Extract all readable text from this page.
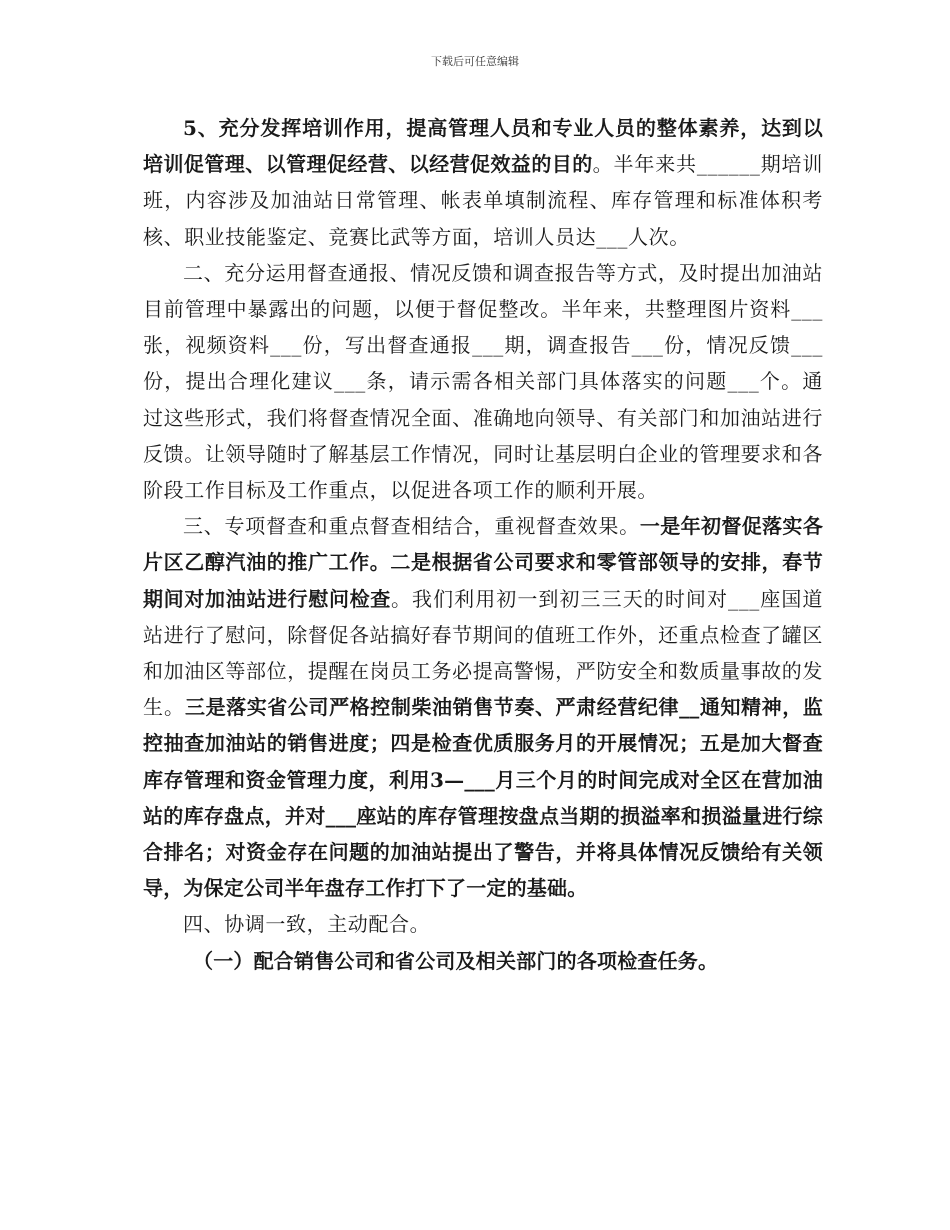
下载后可任意编辑

5、充分发挥培训作用，提高管理人员和专业人员的整体素养，达到以培训促管理、以管理促经营、以经营促效益的目的。半年来共______期培训班，内容涉及加油站日常管理、帐表单填制流程、库存管理和标准体积考核、职业技能鉴定、竞赛比武等方面，培训人员达___人次。

二、充分运用督查通报、情况反馈和调查报告等方式，及时提出加油站目前管理中暴露出的问题，以便于督促整改。半年来，共整理图片资料___张，视频资料___份，写出督查通报___期，调查报告___份，情况反馈___份，提出合理化建议___条，请示需各相关部门具体落实的问题___个。通过这些形式，我们将督查情况全面、准确地向领导、有关部门和加油站进行反馈。让领导随时了解基层工作情况，同时让基层明白企业的管理要求和各阶段工作目标及工作重点，以促进各项工作的顺利开展。

三、专项督查和重点督查相结合，重视督查效果。一是年初督促落实各片区乙醇汽油的推广工作。二是根据省公司要求和零管部领导的安排，春节期间对加油站进行慰问检查。我们利用初一到初三三天的时间对___座国道站进行了慰问，除督促各站搞好春节期间的值班工作外，还重点检查了罐区和加油区等部位，提醒在岗员工务必提高警惕，严防安全和数质量事故的发生。三是落实省公司严格控制柴油销售节奏、严肃经营纪律__通知精神，监控抽查加油站的销售进度；四是检查优质服务月的开展情况；五是加大督查库存管理和资金管理力度，利用3—___月三个月的时间完成对全区在营加油站的库存盘点，并对___座站的库存管理按盘点当期的损溢率和损溢量进行综合排名；对资金存在问题的加油站提出了警告，并将具体情况反馈给有关领导，为保定公司半年盘存工作打下了一定的基础。

四、协调一致，主动配合。

（一）配合销售公司和省公司及相关部门的各项检查任务。
